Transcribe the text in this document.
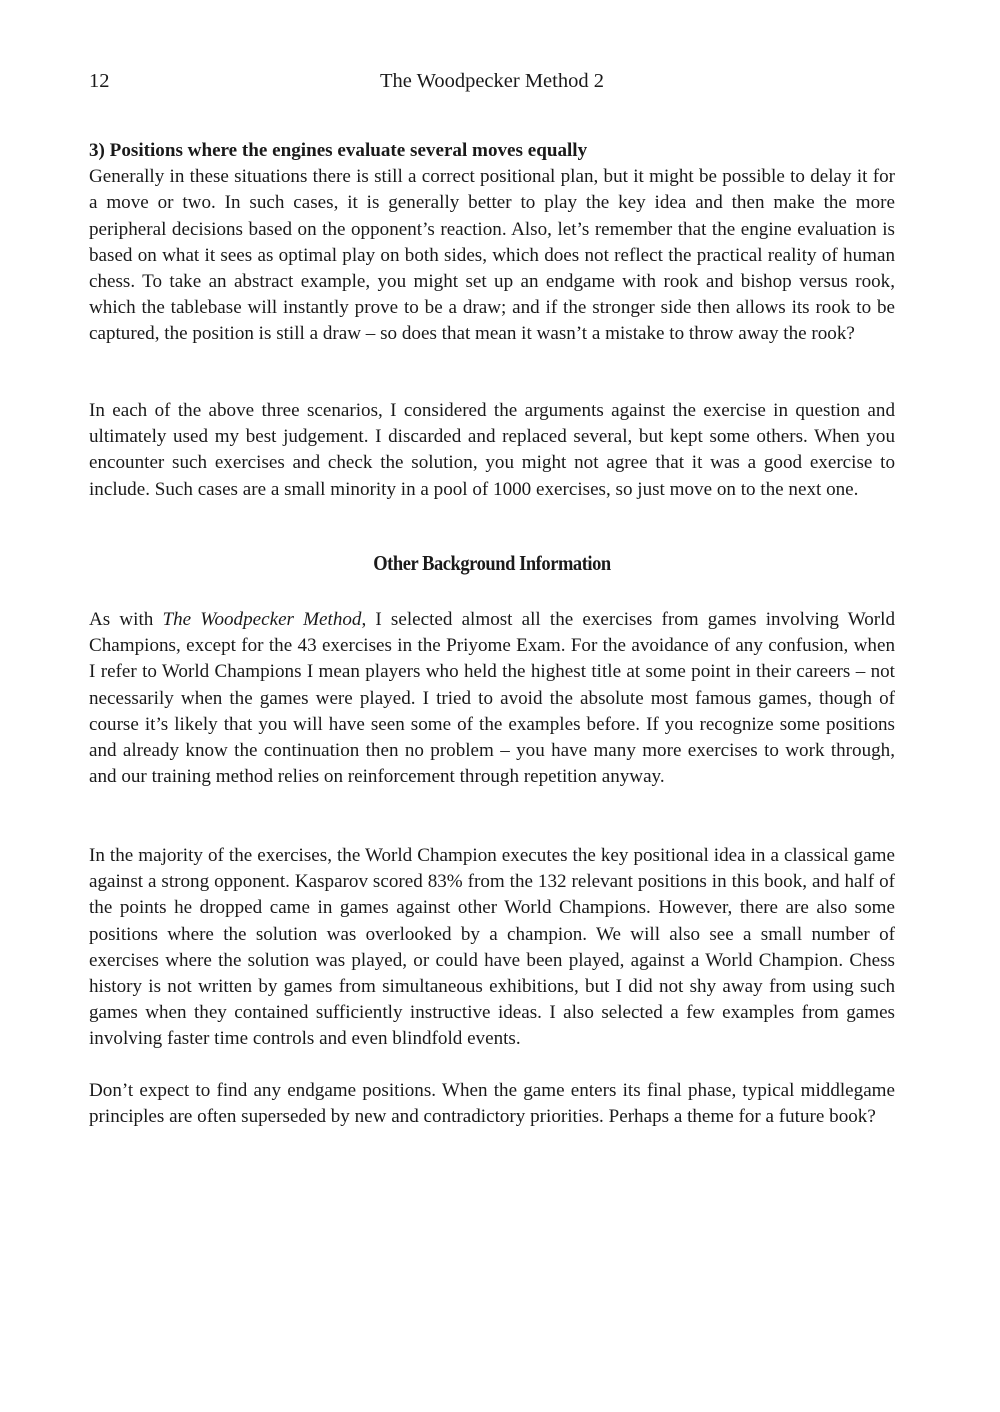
12	The Woodpecker Method 2

3) Positions where the engines evaluate several moves equally

Generally in these situations there is still a correct positional plan, but it might be possible to delay it for a move or two. In such cases, it is generally better to play the key idea and then make the more peripheral decisions based on the opponent’s reaction. Also, let’s remember that the engine evaluation is based on what it sees as optimal play on both sides, which does not reflect the practical reality of human chess. To take an abstract example, you might set up an endgame with rook and bishop versus rook, which the tablebase will instantly prove to be a draw; and if the stronger side then allows its rook to be captured, the position is still a draw – so does that mean it wasn’t a mistake to throw away the rook?

In each of the above three scenarios, I considered the arguments against the exercise in question and ultimately used my best judgement. I discarded and replaced several, but kept some others. When you encounter such exercises and check the solution, you might not agree that it was a good exercise to include. Such cases are a small minority in a pool of 1000 exercises, so just move on to the next one.

Other Background Information

As with The Woodpecker Method, I selected almost all the exercises from games involving World Champions, except for the 43 exercises in the Priyome Exam. For the avoidance of any confusion, when I refer to World Champions I mean players who held the highest title at some point in their careers – not necessarily when the games were played. I tried to avoid the absolute most famous games, though of course it’s likely that you will have seen some of the examples before. If you recognize some positions and already know the continuation then no problem – you have many more exercises to work through, and our training method relies on reinforcement through repetition anyway.

In the majority of the exercises, the World Champion executes the key positional idea in a classical game against a strong opponent. Kasparov scored 83% from the 132 relevant positions in this book, and half of the points he dropped came in games against other World Champions. However, there are also some positions where the solution was overlooked by a champion. We will also see a small number of exercises where the solution was played, or could have been played, against a World Champion. Chess history is not written by games from simultaneous exhibitions, but I did not shy away from using such games when they contained sufficiently instructive ideas. I also selected a few examples from games involving faster time controls and even blindfold events.

Don’t expect to find any endgame positions. When the game enters its final phase, typical middlegame principles are often superseded by new and contradictory priorities. Perhaps a theme for a future book?
